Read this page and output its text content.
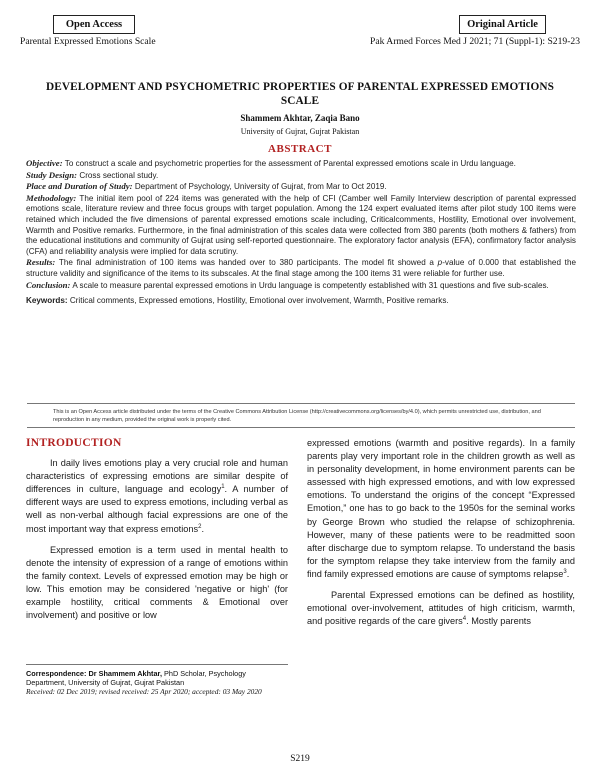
Open Access	Original Article
Parental Expressed Emotions Scale	Pak Armed Forces Med J 2021; 71 (Suppl-1): S219-23
DEVELOPMENT AND PSYCHOMETRIC PROPERTIES OF PARENTAL EXPRESSED EMOTIONS SCALE
Shammem Akhtar, Zaqia Bano
University of Gujrat, Gujrat Pakistan
ABSTRACT

Objective: To construct a scale and psychometric properties for the assessment of Parental expressed emotions scale in Urdu language.

Study Design: Cross sectional study.

Place and Duration of Study: Department of Psychology, University of Gujrat, from Mar to Oct 2019.

Methodology: The initial item pool of 224 items was generated with the help of CFI (Camber well Family Interview description of parental expressed emotions scale, literature review and three focus groups with target population. Among the 124 expert evaluated items after pilot study 100 items were retained which included the five dimensions of parental expressed emotions scale including, Criticalcomments, Hostility, Emotional over involvement, Warmth and Positive remarks. Furthermore, in the final administration of this scales data were collected from 380 parents (both mothers & fathers) from the educational institutions and community of Gujrat using self-reported questionnaire. The exploratory factor analysis (EFA), confirmatory factor analysis (CFA) and reliability analysis were implied for data scrutiny.

Results: The final administration of 100 items was handed over to 380 participants. The model fit showed a p-value of 0.000 that established the structure validity and significance of the items to its subscales. At the final stage among the 100 items 31 were reliable for further use.

Conclusion: A scale to measure parental expressed emotions in Urdu language is competently established with 31 questions and five sub-scales.

Keywords: Critical comments, Expressed emotions, Hostility, Emotional over involvement, Warmth, Positive remarks.

This is an Open Access article distributed under the terms of the Creative Commons Attribution License (http://creativecommons.org/licenses/by/4.0), which permits unrestricted use, distribution, and reproduction in any medium, provided the original work is properly cited.
INTRODUCTION

In daily lives emotions play a very crucial role and human characteristics of expressing emotions are similar despite of differences in culture, language and ecology$^1$. A number of different ways are used to express emotions, including verbal as well as non-verbal although facial expressions are one of the most important way that express emotions$^2$.

Expressed emotion is a term used in mental health to denote the intensity of expression of a range of emotions within the family context. Levels of expressed emotion may be high or low. This emotion may be considered 'negative or high' (for example hostility, critical comments & Emotional over involvement) and positive or low

expressed emotions (warmth and positive regards). In a family parents play very important role in the children growth as well as in personality development, in home environment parents can be assessed with high expressed emotions, and with low expressed emotions. To understand the origins of the concept “Expressed Emotion,” one has to go back to the 1950s for the seminal works by George Brown who studied the relapse of schizophrenia. However, many of these patients were to be readmitted soon after discharge due to symptom relapse. To understand the basis for the symptom relapse they take interview from the family and find family expressed emotions are cause of symptoms relapse$^3$.

Parental Expressed emotions can be defined as hostility, emotional over-involvement, attitudes of high criticism, warmth, and positive regards of the care givers$^4$. Mostly parents

Correspondence: Dr Shammem Akhtar, PhD Scholar, Psychology Department, University of Gujrat, Gujrat Pakistan
Received: 02 Dec 2019; revised received: 25 Apr 2020; accepted: 03 May 2020
S219
